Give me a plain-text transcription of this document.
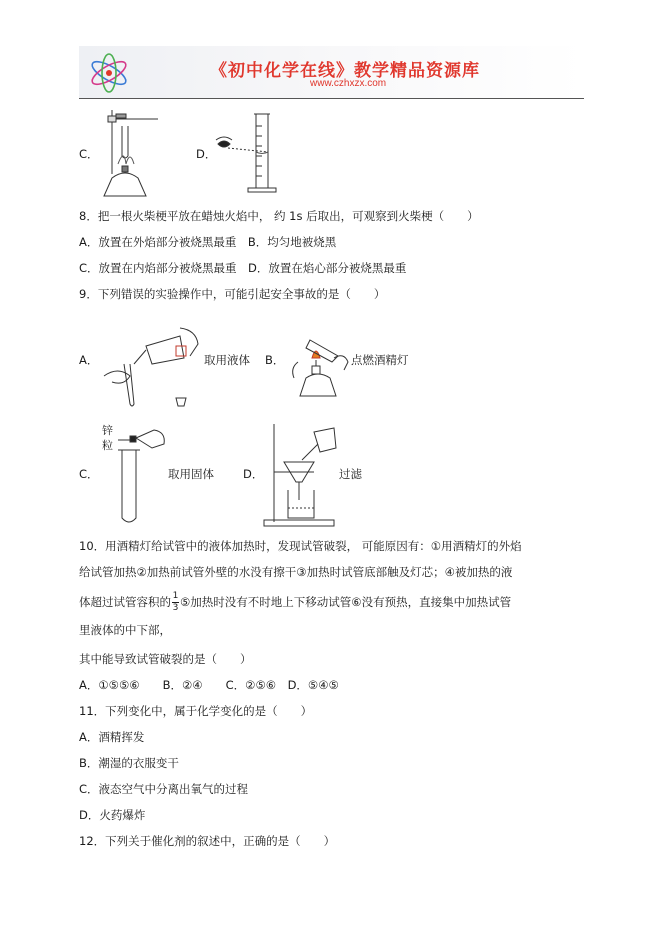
《初中化学在线》教学精品资源库
www.czhxzx.com
C．	D．
8．把一根火柴梗平放在蜡烛火焰中， 约 1s 后取出，可观察到火柴梗（　　）
A．放置在外焰部分被烧黑最重　B．均匀地被烧黑
C．放置在内焰部分被烧黑最重　D．放置在焰心部分被烧黑最重
9．下列错误的实验操作中，可能引起安全事故的是（　　）
A．	取用液体 B．	点燃酒精灯
C．
锌
粒
取用固体	D．	过滤
10．用酒精灯给试管中的液体加热时，发现试管破裂， 可能原因有：①用酒精灯的外焰
给试管加热②加热前试管外壁的水没有擦干③加热时试管底部触及灯芯；④被加热的液
体超过试管容积的 $\frac{1}{3}$ ⑤加热时没有不时地上下移动试管⑥没有预热，直接集中加热试管
里液体的中下部，
其中能导致试管破裂的是（　　）
A．①⑤⑤⑥　　B．②④　　C．②⑤⑥　D．⑤④⑤
11．下列变化中，属于化学变化的是（　　）
A．酒精挥发
B．潮湿的衣服变干
C．液态空气中分离出氧气的过程
D．火药爆炸
12．下列关于催化剂的叙述中，正确的是（　　）
